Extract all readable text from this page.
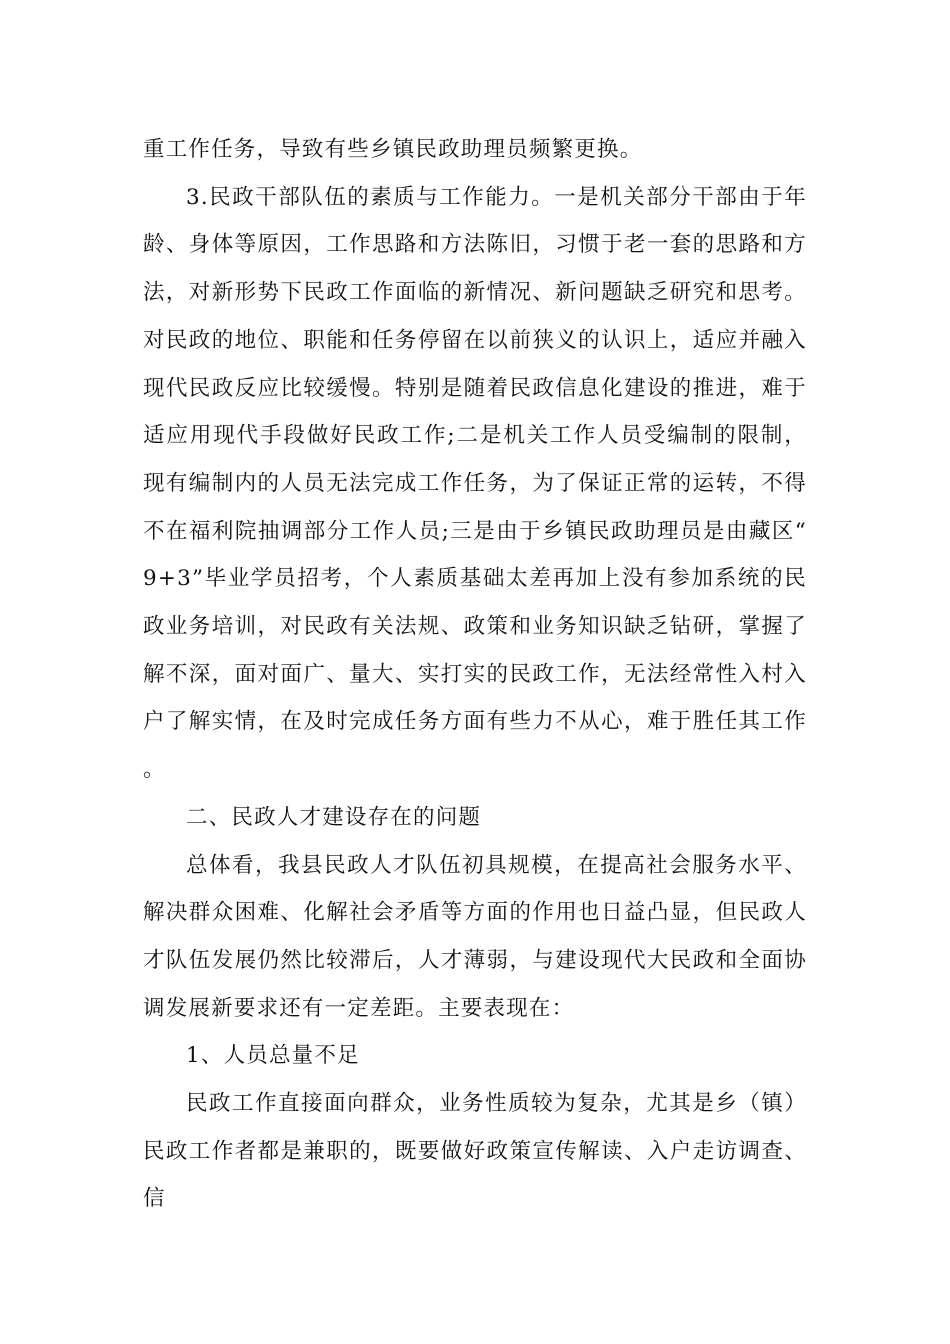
重工作任务，导致有些乡镇民政助理员频繁更换。

3.民政干部队伍的素质与工作能力。一是机关部分干部由于年龄、身体等原因，工作思路和方法陈旧，习惯于老一套的思路和方法，对新形势下民政工作面临的新情况、新问题缺乏研究和思考。对民政的地位、职能和任务停留在以前狭义的认识上，适应并融入现代民政反应比较缓慢。特别是随着民政信息化建设的推进，难于适应用现代手段做好民政工作;二是机关工作人员受编制的限制，现有编制内的人员无法完成工作任务，为了保证正常的运转，不得不在福利院抽调部分工作人员;三是由于乡镇民政助理员是由藏区“9+3”毕业学员招考，个人素质基础太差再加上没有参加系统的民政业务培训，对民政有关法规、政策和业务知识缺乏钻研，掌握了解不深，面对面广、量大、实打实的民政工作，无法经常性入村入户了解实情，在及时完成任务方面有些力不从心，难于胜任其工作。

二、民政人才建设存在的问题

总体看，我县民政人才队伍初具规模，在提高社会服务水平、解决群众困难、化解社会矛盾等方面的作用也日益凸显，但民政人才队伍发展仍然比较滞后，人才薄弱，与建设现代大民政和全面协调发展新要求还有一定差距。主要表现在：

1、人员总量不足

民政工作直接面向群众，业务性质较为复杂，尤其是乡（镇）民政工作者都是兼职的，既要做好政策宣传解读、入户走访调查、信
